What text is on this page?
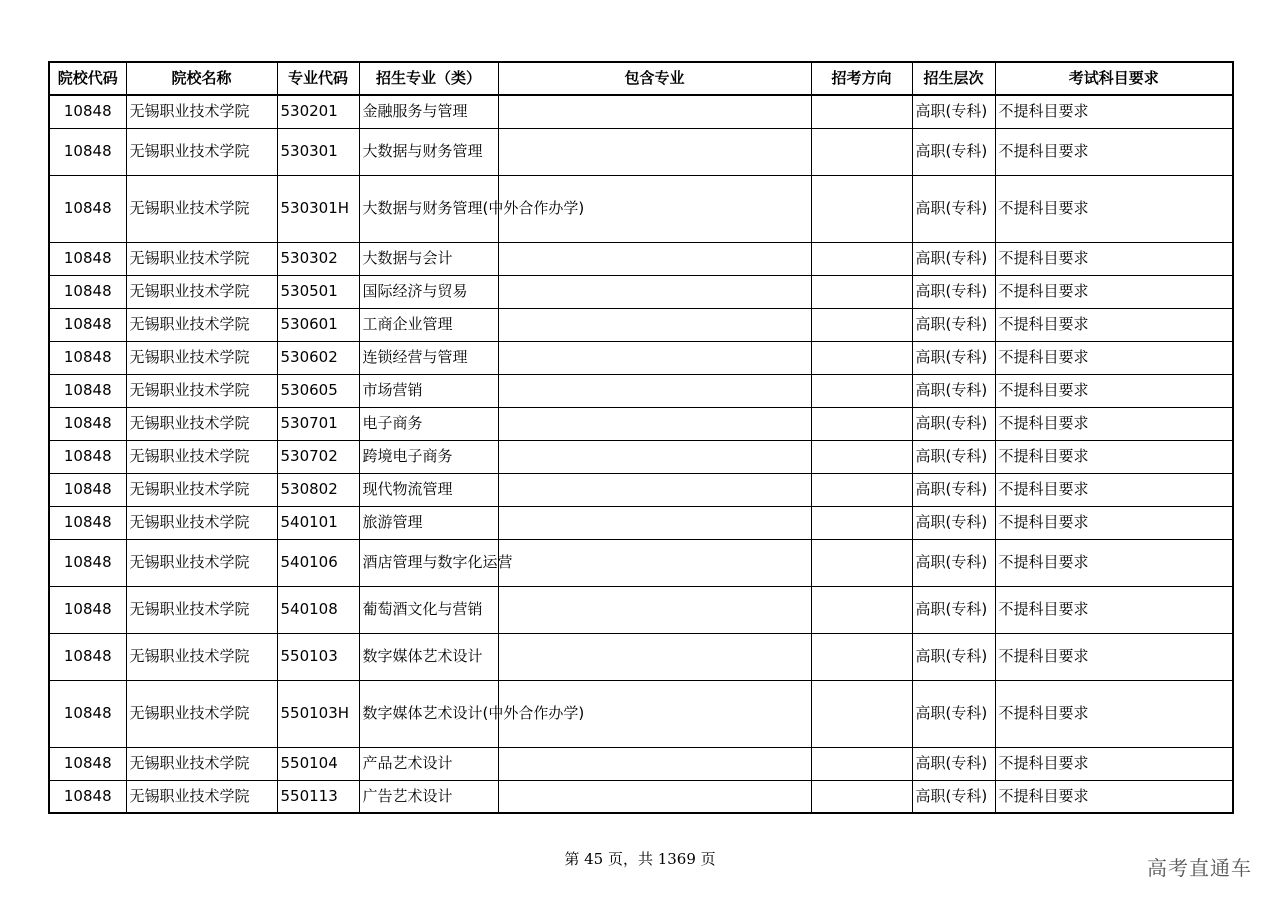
院校代码	院校名称	专业代码	招生专业（类）	包含专业	招考方向	招生层次	考试科目要求
10848	无锡职业技术学院	530201	金融服务与管理			高职(专科)	不提科目要求
10848	无锡职业技术学院	530301	大数据与财务管理			高职(专科)	不提科目要求
10848	无锡职业技术学院	530301H	大数据与财务管理(中外合作办学)			高职(专科)	不提科目要求
10848	无锡职业技术学院	530302	大数据与会计			高职(专科)	不提科目要求
10848	无锡职业技术学院	530501	国际经济与贸易			高职(专科)	不提科目要求
10848	无锡职业技术学院	530601	工商企业管理			高职(专科)	不提科目要求
10848	无锡职业技术学院	530602	连锁经营与管理			高职(专科)	不提科目要求
10848	无锡职业技术学院	530605	市场营销			高职(专科)	不提科目要求
10848	无锡职业技术学院	530701	电子商务			高职(专科)	不提科目要求
10848	无锡职业技术学院	530702	跨境电子商务			高职(专科)	不提科目要求
10848	无锡职业技术学院	530802	现代物流管理			高职(专科)	不提科目要求
10848	无锡职业技术学院	540101	旅游管理			高职(专科)	不提科目要求
10848	无锡职业技术学院	540106	酒店管理与数字化运营			高职(专科)	不提科目要求
10848	无锡职业技术学院	540108	葡萄酒文化与营销			高职(专科)	不提科目要求
10848	无锡职业技术学院	550103	数字媒体艺术设计			高职(专科)	不提科目要求
10848	无锡职业技术学院	550103H	数字媒体艺术设计(中外合作办学)			高职(专科)	不提科目要求
10848	无锡职业技术学院	550104	产品艺术设计			高职(专科)	不提科目要求
10848	无锡职业技术学院	550113	广告艺术设计			高职(专科)	不提科目要求
第 45 页，共 1369 页	高考直通车
